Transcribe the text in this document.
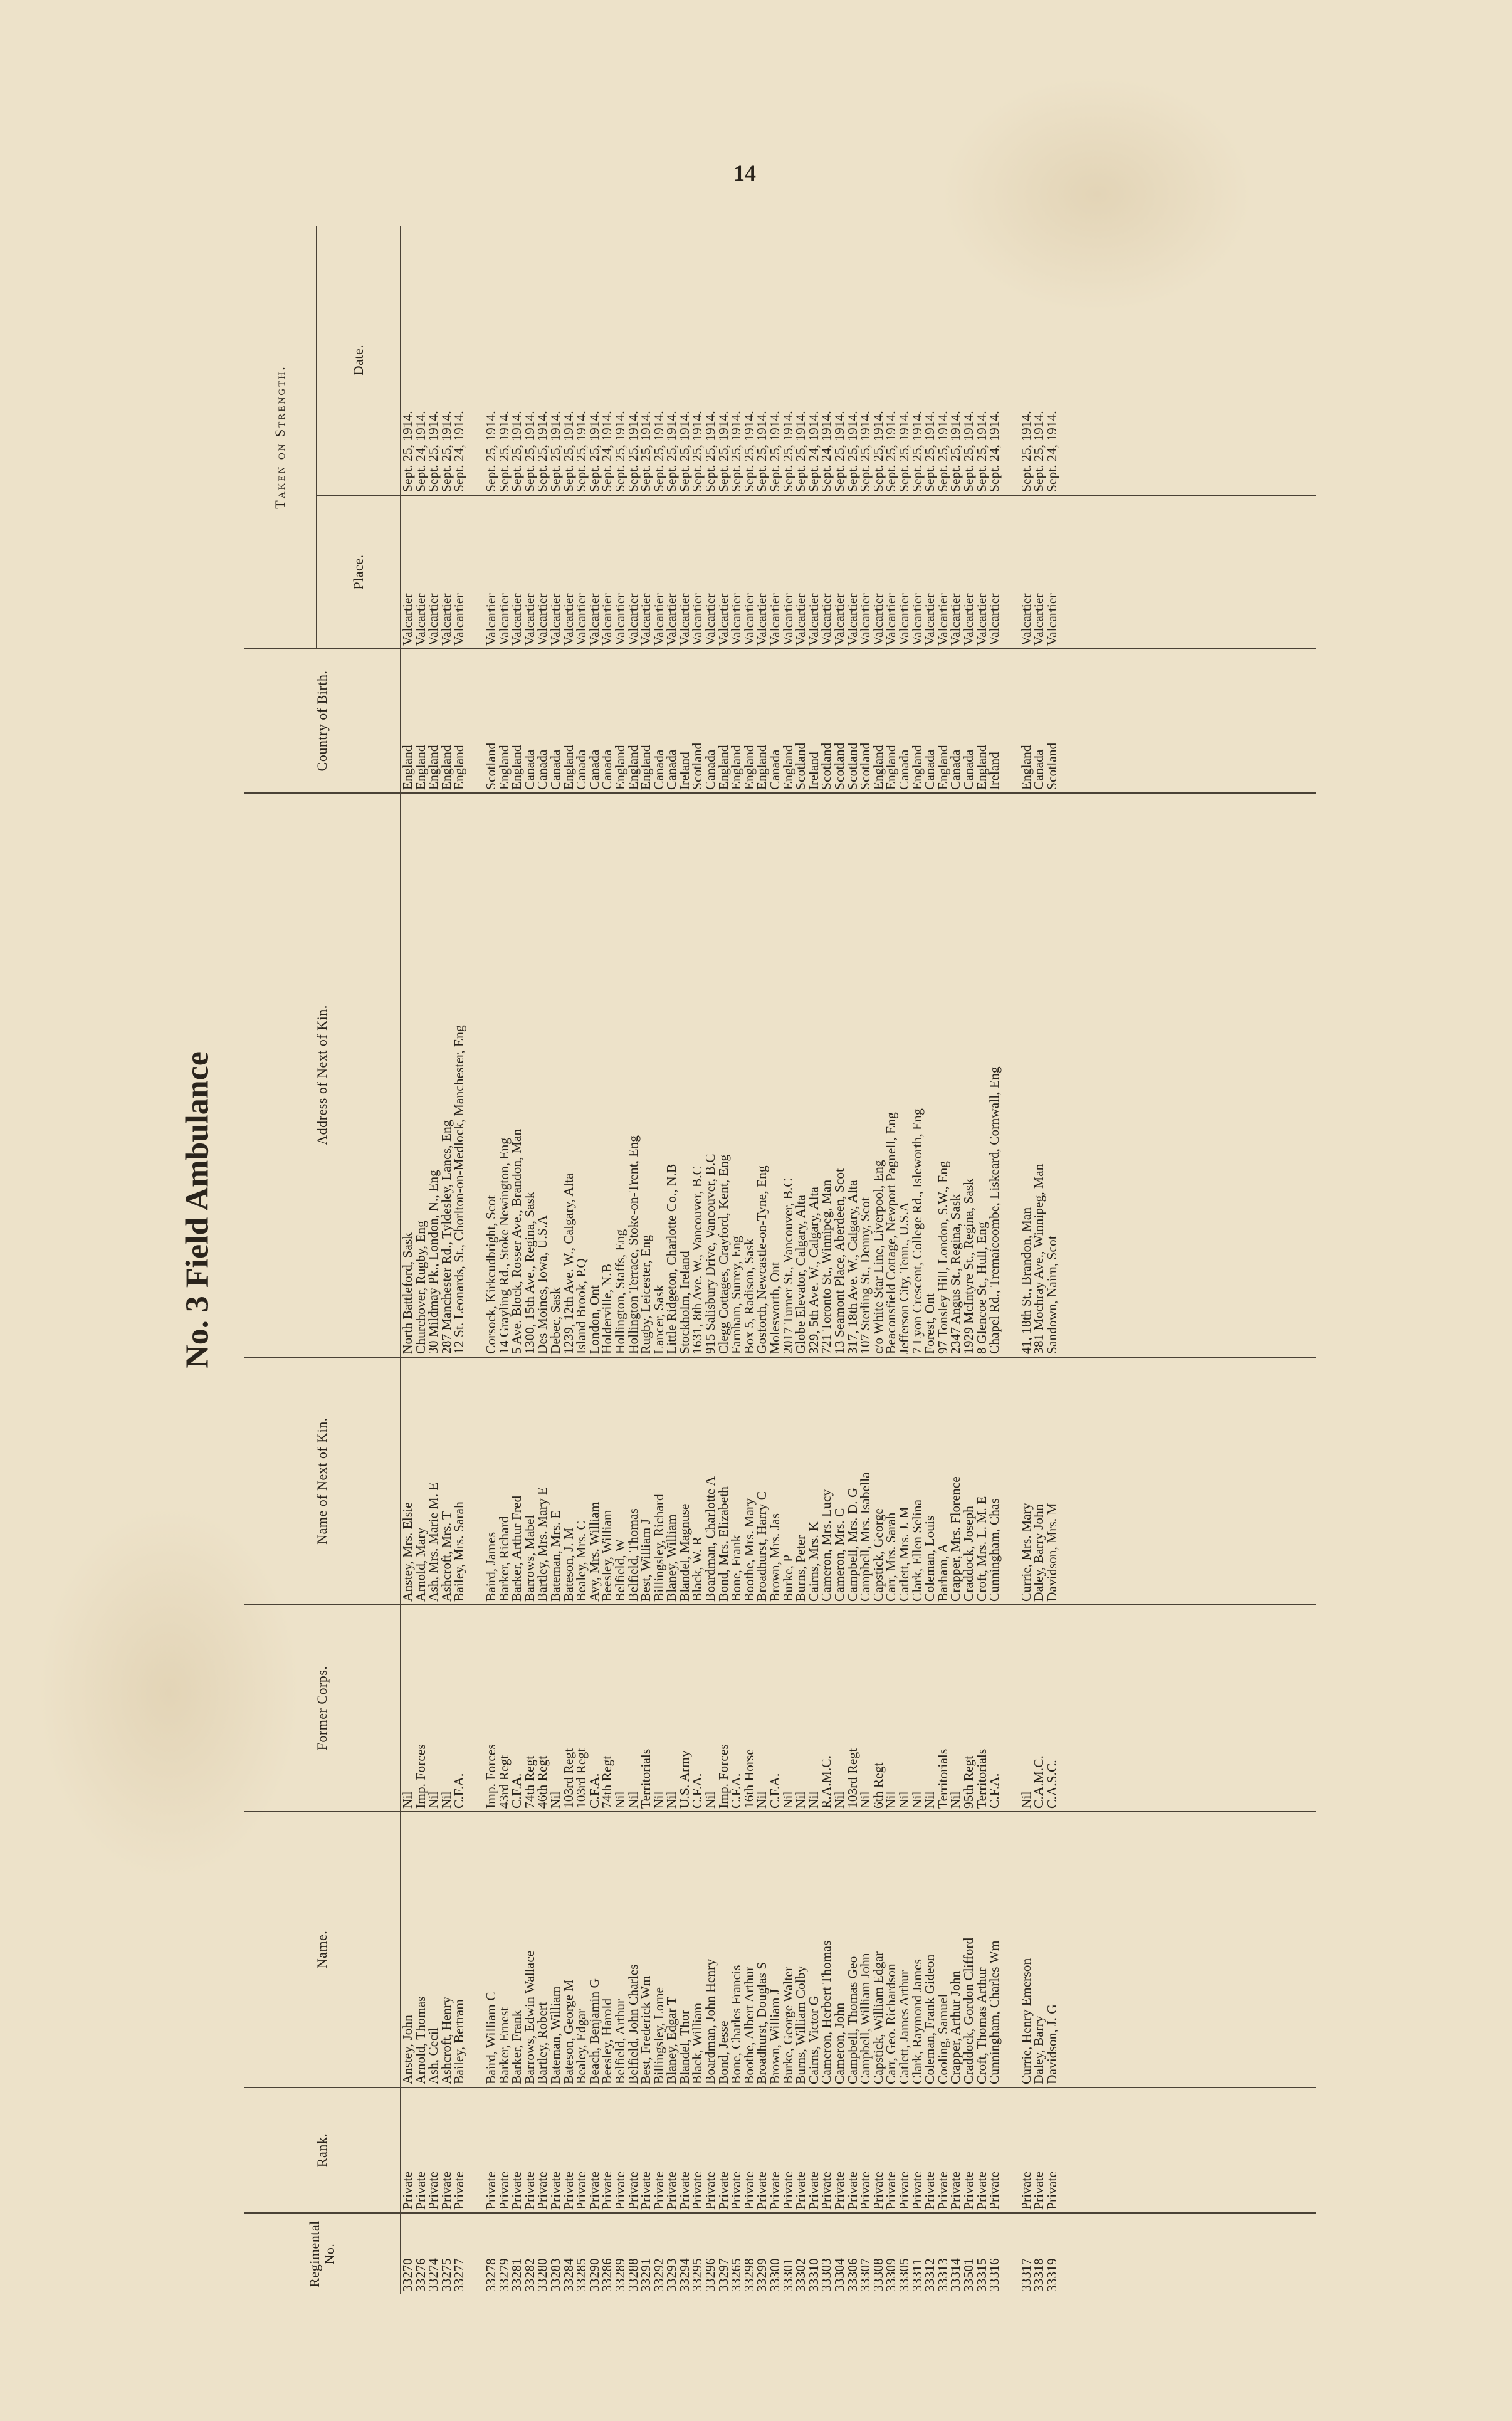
14
No. 3 Field Ambulance
Regimental No.	Rank.	Name.	Former Corps.	Name of Next of Kin.	Address of Next of Kin.	Country of Birth.	Taken on Strength.	
							Place.	Date.
33270	Private	Anstey, John	Nil	Anstey, Mrs. Elsie	North Battleford, Sask	England	Valcartier	Sept. 25, 1914.
33276	Private	Arnold, Thomas	Imp. Forces	Arnold, Mary	Churchover, Rugby, Eng	England	Valcartier	Sept. 24, 1914.
33274	Private	Ash, Cecil	Nil	Ash, Mrs. Marie M. E	30 Mildmay Pk., London, N., Eng	England	Valcartier	Sept. 25, 1914.
33275	Private	Ashcroft, Henry	Nil	Ashcroft, Mrs. T	287 Manchester Rd., Tyldesley, Lancs, Eng	England	Valcartier	Sept. 25, 1914.
33277	Private	Bailey, Bertram	C.F.A.	Bailey, Mrs. Sarah	12 St. Leonards, St., Chorlton-on-Medlock, Manchester, Eng	England	Valcartier	Sept. 24, 1914.

33278	Private	Baird, William C	Imp. Forces	Baird, James	Corsock, Kirkcudbright, Scot	Scotland	Valcartier	Sept. 25, 1914.
33279	Private	Barker, Ernest	43rd Regt	Barker, Richard	14 Grayling Rd., Stoke Newington, Eng	England	Valcartier	Sept. 25, 1914.
33281	Private	Barker, Frank	C.F.A.	Barker, Arthur Fred	5 Ave. Block, Rosser Ave., Brandon, Man	England	Valcartier	Sept. 25, 1914.
33282	Private	Barrows, Edwin Wallace	74th Regt	Barrows, Mabel	1300, 15th Ave., Regina, Sask	Canada	Valcartier	Sept. 25, 1914.
33280	Private	Bartley, Robert	46th Regt	Bartley, Mrs. Mary E	Des Moines, Iowa, U.S.A	Canada	Valcartier	Sept. 25, 1914.
33283	Private	Bateman, William	Nil	Bateman, Mrs. E	Debec, Sask	Canada	Valcartier	Sept. 25, 1914.
33284	Private	Bateson, George M	103rd Regt	Bateson, J. M	1239, 12th Ave. W., Calgary, Alta	England	Valcartier	Sept. 25, 1914.
33285	Private	Bealey, Edgar	103rd Regt	Bealey, Mrs. C	Island Brook, P.Q	Canada	Valcartier	Sept. 25, 1914.
33290	Private	Beach, Benjamin G	C.F.A.	Avy, Mrs. William	London, Ont	Canada	Valcartier	Sept. 25, 1914.
33286	Private	Beesley, Harold	74th Regt	Beesley, William	Holderville, N.B	Canada	Valcartier	Sept. 24, 1914.
33289	Private	Belfield, Arthur	Nil	Belfield, W	Hollington, Staffs, Eng	England	Valcartier	Sept. 25, 1914.
33288	Private	Belfield, John Charles	Nil	Belfield, Thomas	Hollington Terrace, Stoke-on-Trent, Eng	England	Valcartier	Sept. 25, 1914.
33291	Private	Best, Frederick Wm	Territorials	Best, William J	Rugby, Leicester, Eng	England	Valcartier	Sept. 25, 1914.
33292	Private	Billingsley, Lorne	Nil	Billingsley, Richard	Lancer, Sask	Canada	Valcartier	Sept. 25, 1914.
33293	Private	Blaney, Edgar T	Nil	Blaney, William	Little Ridgeton, Charlotte Co., N.B	Canada	Valcartier	Sept. 25, 1914.
33294	Private	Blandel, Thor	U.S. Army	Blandel, Magnuse	Stockholm, Ireland	Ireland	Valcartier	Sept. 25, 1914.
33295	Private	Black, William	C.F.A.	Black, W. R	1631, 8th Ave. W., Vancouver, B.C	Scotland	Valcartier	Sept. 25, 1914.
33296	Private	Boardman, John Henry	Nil	Boardman, Charlotte A	915 Salisbury Drive, Vancouver, B.C	Canada	Valcartier	Sept. 25, 1914.
33297	Private	Bond, Jesse	Imp. Forces	Bond, Mrs. Elizabeth	Clegg Cottages, Crayford, Kent, Eng	England	Valcartier	Sept. 25, 1914.
33265	Private	Bone, Charles Francis	C.F.A.	Bone, Frank	Farnham, Surrey, Eng	England	Valcartier	Sept. 25, 1914.
33298	Private	Boothe, Albert Arthur	16th Horse	Boothe, Mrs. Mary	Box 5, Radison, Sask	England	Valcartier	Sept. 25, 1914.
33299	Private	Broadhurst, Douglas S	Nil	Broadhurst, Harry C	Gosforth, Newcastle-on-Tyne, Eng	England	Valcartier	Sept. 25, 1914.
33300	Private	Brown, William J	C.F.A.	Brown, Mrs. Jas	Molesworth, Ont	Canada	Valcartier	Sept. 25, 1914.
33301	Private	Burke, George Walter	Nil	Burke, P	2017 Turner St., Vancouver, B.C	England	Valcartier	Sept. 25, 1914.
33302	Private	Burns, William Colby	Nil	Burns, Peter	Globe Elevator, Calgary, Alta	Scotland	Valcartier	Sept. 25, 1914.
33310	Private	Cairns, Victor G	Nil	Cairns, Mrs. K	329, 5th Ave. W., Calgary, Alta	Ireland	Valcartier	Sept. 24, 1914.
33303	Private	Cameron, Herbert Thomas	R.A.M.C.	Cameron, Mrs. Lucy	721 Toronto St., Winnipeg, Man	Scotland	Valcartier	Sept. 24, 1914.
33304	Private	Cameron, John	Nil	Cameron, Mrs. C	13 Seamont Place, Aberdeen, Scot	Scotland	Valcartier	Sept. 25, 1914.
33306	Private	Campbell, Thomas Geo	103rd Regt	Campbell, Mrs. D. G	317, 18th Ave. W., Calgary, Alta	Scotland	Valcartier	Sept. 25, 1914.
33307	Private	Campbell, William John	Nil	Campbell, Mrs. Isabella	107 Sterling St., Denny, Scot	Scotland	Valcartier	Sept. 25, 1914.
33308	Private	Capstick, William Edgar	6th Regt	Capstick, George	c/o White Star Line, Liverpool, Eng	England	Valcartier	Sept. 25, 1914.
33309	Private	Carr, Geo. Richardson	Nil	Carr, Mrs. Sarah	Beaconsfield Cottage, Newport Pagnell, Eng	England	Valcartier	Sept. 25, 1914.
33305	Private	Catlett, James Arthur	Nil	Catlett, Mrs. J. M	Jefferson City, Tenn., U.S.A	Canada	Valcartier	Sept. 25, 1914.
33311	Private	Clark, Raymond James	Nil	Clark, Ellen Selina	7 Lyon Crescent, College Rd., Isleworth, Eng	England	Valcartier	Sept. 25, 1914.
33312	Private	Coleman, Frank Gideon	Nil	Coleman, Louis	Forest, Ont	Canada	Valcartier	Sept. 25, 1914.
33313	Private	Cooling, Samuel	Territorials	Barham, A	97 Tonsley Hill, London, S.W., Eng	England	Valcartier	Sept. 25, 1914.
33314	Private	Crapper, Arthur John	Nil	Crapper, Mrs. Florence	2347 Angus St., Regina, Sask	Canada	Valcartier	Sept. 25, 1914.
33501	Private	Craddock, Gordon Clifford	95th Regt	Craddock, Joseph	1929 McIntyre St., Regina, Sask	Canada	Valcartier	Sept. 25, 1914.
33315	Private	Croft, Thomas Arthur	Territorials	Croft, Mrs. L. M. E	8 Glencoe St., Hull, Eng	England	Valcartier	Sept. 25, 1914.
33316	Private	Cunningham, Charles Wm	C.F.A.	Cunningham, Chas	Chapel Rd., Tremaicoombe, Liskeard, Cornwall, Eng	Ireland	Valcartier	Sept. 24, 1914.

33317	Private	Currie, Henry Emerson	Nil	Currie, Mrs. Mary	41, 18th St., Brandon, Man	England	Valcartier	Sept. 25, 1914.
33318	Private	Daley, Barry	C.A.M.C.	Daley, Barry John	381 Mochray Ave., Winnipeg, Man	Canada	Valcartier	Sept. 25, 1914.
33319	Private	Davidson, J. G	C.A.S.C.	Davidson, Mrs. M	Sandown, Nairn, Scot	Scotland	Valcartier	Sept. 24, 1914.
